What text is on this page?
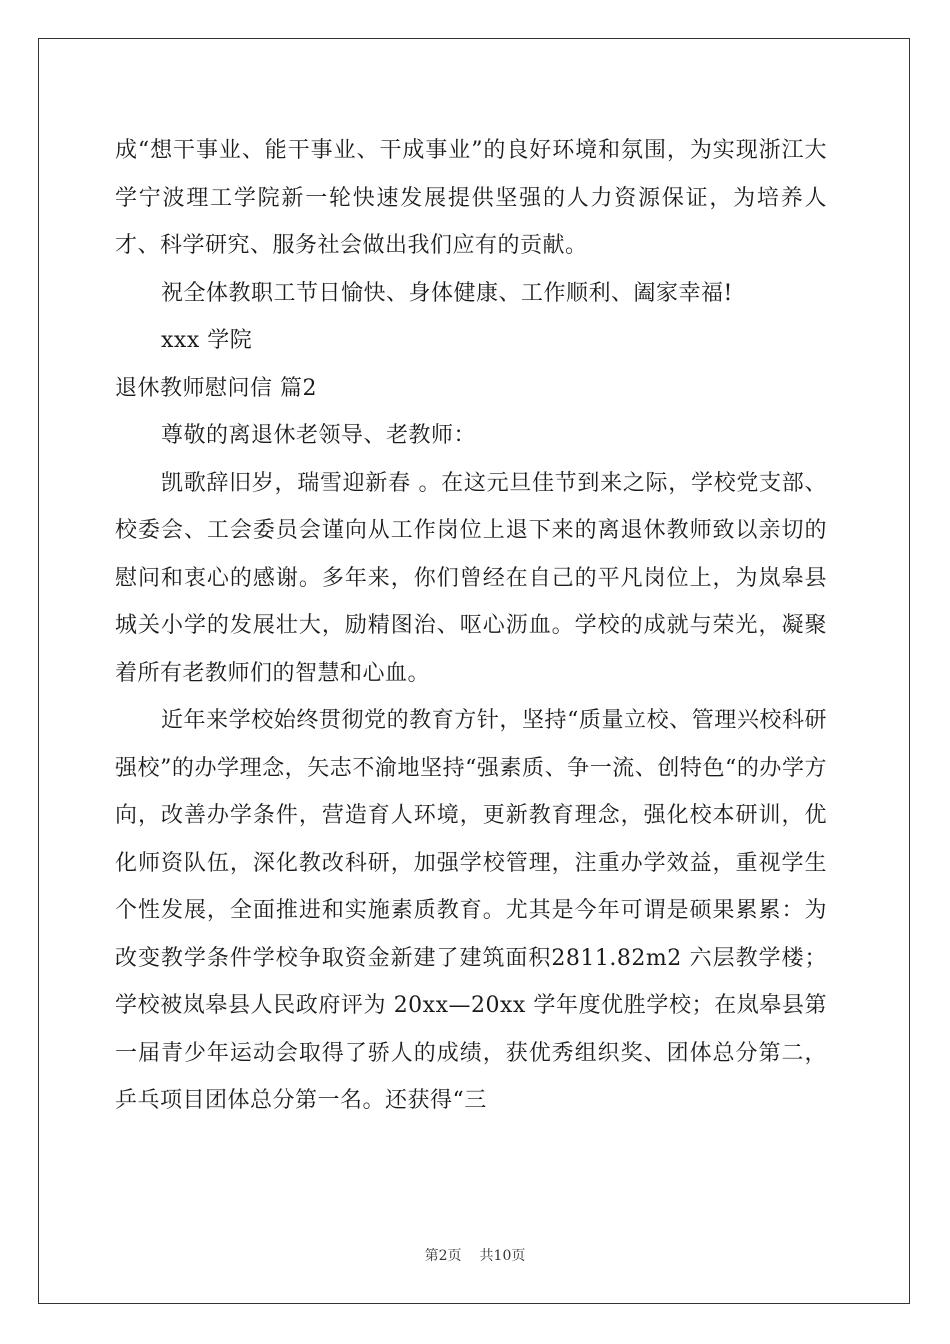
成“想干事业、能干事业、干成事业”的良好环境和氛围，为实现浙江大学宁波理工学院新一轮快速发展提供坚强的人力资源保证，为培养人才、科学研究、服务社会做出我们应有的贡献。

祝全体教职工节日愉快、身体健康、工作顺利、阖家幸福!

xxx 学院

退休教师慰问信 篇2

尊敬的离退休老领导、老教师：

凯歌辞旧岁，瑞雪迎新春 。在这元旦佳节到来之际，学校党支部、校委会、工会委员会谨向从工作岗位上退下来的离退休教师致以亲切的慰问和衷心的感谢。多年来，你们曾经在自己的平凡岗位上，为岚皋县城关小学的发展壮大，励精图治、呕心沥血。学校的成就与荣光，凝聚着所有老教师们的智慧和心血。

近年来学校始终贯彻党的教育方针，坚持“质量立校、管理兴校科研强校”的办学理念，矢志不渝地坚持“强素质、争一流、创特色“的办学方向，改善办学条件，营造育人环境，更新教育理念，强化校本研训，优化师资队伍，深化教改科研，加强学校管理，注重办学效益，重视学生个性发展，全面推进和实施素质教育。尤其是今年可谓是硕果累累：为改变教学条件学校争取资金新建了建筑面积2811.82m2 六层教学楼；学校被岚皋县人民政府评为 20xx—20xx 学年度优胜学校；在岚皋县第一届青少年运动会取得了骄人的成绩，获优秀组织奖、团体总分第二，乒乓项目团体总分第一名。还获得“三

第2页 共10页
